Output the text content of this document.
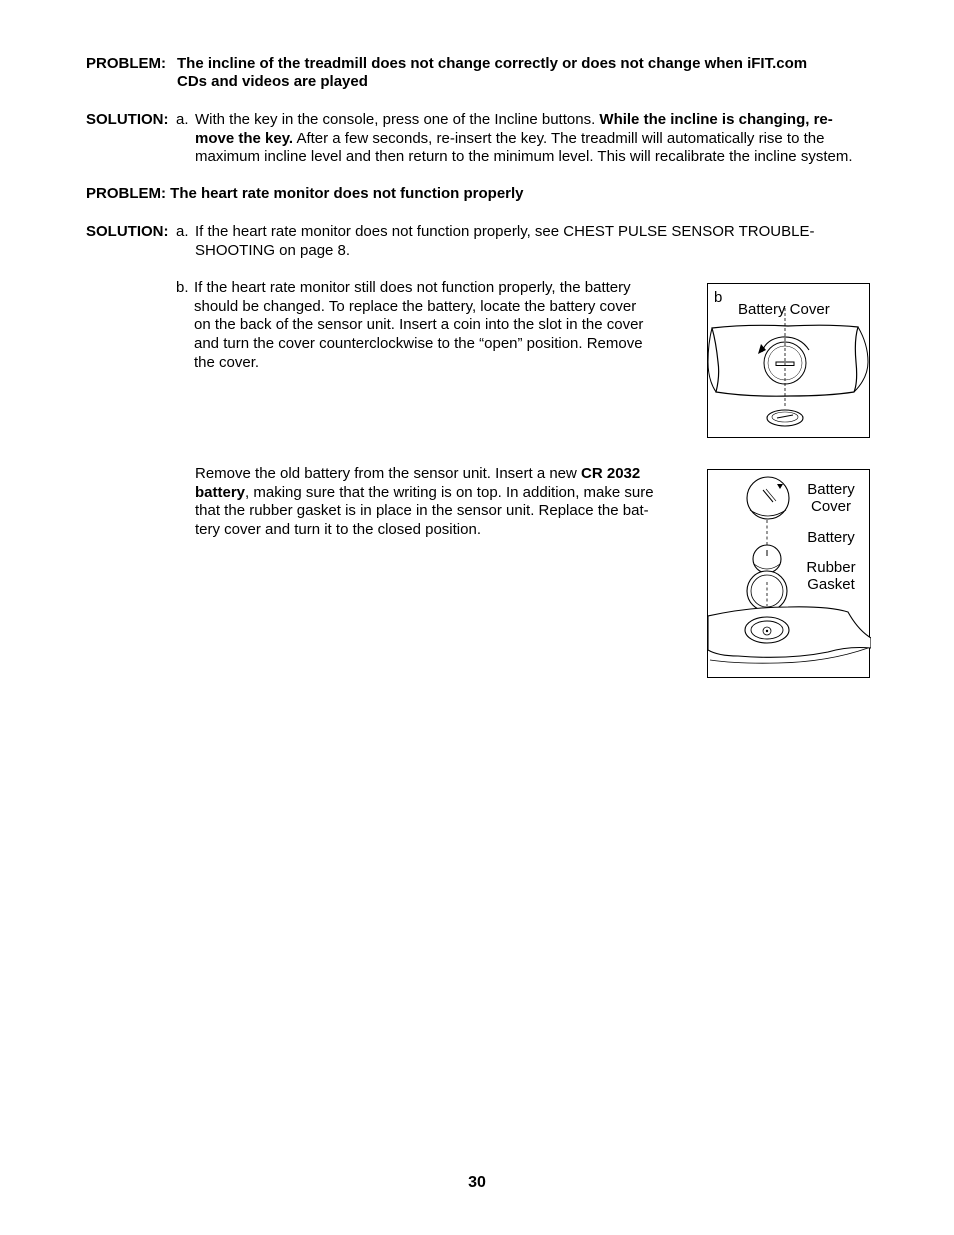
PROBLEM: The incline of the treadmill does not change correctly or does not change when iFIT.com
CDs and videos are played
SOLUTION: a. With the key in the console, press one of the Incline buttons. While the incline is changing, re-
move the key. After a few seconds, re-insert the key. The treadmill will automatically rise to the
maximum incline level and then return to the minimum level. This will recalibrate the incline system.
PROBLEM: The heart rate monitor does not function properly
SOLUTION: a. If the heart rate monitor does not function properly, see CHEST PULSE SENSOR TROUBLE-
SHOOTING on page 8.
b. If the heart rate monitor still does not function properly, the battery
should be changed. To replace the battery, locate the battery cover
on the back of the sensor unit. Insert a coin into the slot in the cover
and turn the cover counterclockwise to the “open” position. Remove
the cover.
Remove the old battery from the sensor unit. Insert a new CR 2032
battery, making sure that the writing is on top. In addition, make sure
that the rubber gasket is in place in the sensor unit. Replace the bat-
tery cover and turn it to the closed position.
b
Battery Cover
Battery
Cover
Battery
Rubber
Gasket
30
